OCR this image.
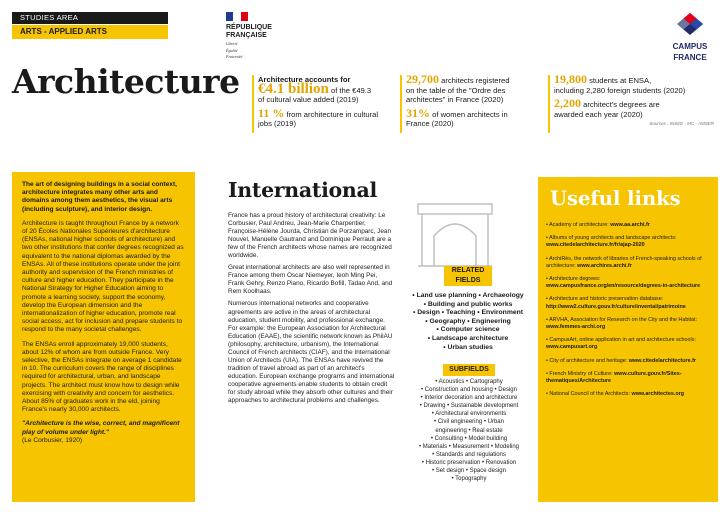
STUDIES AREA
ARTS - APPLIED ARTS	RÉPUBLIQUE
FRANÇAISE
Liberté
Égalité
Fraternité
CAMPUS
FRANCE
Architecture	Architecture accounts for
€4.1 billion of the €49.3
of cultural value added (2019)
11 % from architecture in cultural
jobs (2019)
29,700 architects registered
on the table of the "Ordre des
architectes" in France (2020)
31% of women architects in
France (2020)
19,800 students at ENSA,
including 2,280 foreign students (2020)
2,200 architect's degrees are
awarded each year (2020)
Sources : INSEE - MC - AMSER

The art of designing buildings in a social context, architecture integrates many other arts and domains among them aesthetics, the visual arts (including sculpture), and interior design.

Architecture is taught throughout France by a network of 20 Écoles Nationales Supérieures d'architecture (ENSAs, national higher schools of architecture) and two other institutions that confer degrees recognized as equivalent to the national diplomas awarded by the ENSAs. All of these institutions operate under the joint authority and supervision of the French ministries of culture and higher education. They participate in the National Strategy for Higher Education aiming to promote a learning society, support the economy, develop the European dimension and the internationalization of higher education, promote real social access, act for inclusion and prepare students to respond to the many societal challenges.

The ENSAs enroll approximately 19,000 students, about 12% of whom are from outside France. Very selective, the ENSAs integrate on average 1 candidate in 10. The curriculum covers the range of disciplines required for architectural, urban, and landscape projects. The architect must know how to design while exercising with creativity and concern for aesthetics. About 85% of graduates work in the eld, joining France's nearly 30,000 architects.

"Architecture is the wise, correct, and magnificent play of volume under light."

(Le Corbusier, 1920)

International

France has a proud history of architectural creativity: Le Corbusier, Paul Andreu, Jean-Marie Charpentier, Françoise-Hélène Jourda, Christian de Porzamparc, Jean Nouvel, Manuelle Gautrand and Dominique Perrault are a few of the French architects whose names are recognized worldwide.

Great international architects are also well represented in France among them Oscar Niemeyer, Ieoh Ming Pei, Frank Gehry, Renzo Piano, Ricardo Bofill, Tadao And, and Rem Koolhaas.

Numerous international networks and cooperative agreements are active in the areas of architectural education, student mobility, and professional exchange. For example: the European Association for Architectural Education (EAAE), the scientific network known as PhilAU (philosophy, architecture, urbanism), the International Council of French architects (CIAF), and the International Union of Architects (UIA). The ENSAs have revived the tradition of travel abroad as part of an architect's education. European exchange programs and international cooperative agreements enable students to obtain credit for study abroad while they absorb other cultures and their approaches to architectural problems and challenges.

RELATED
FIELDS
• Land use planning • Archaeology
• Building and public works
• Design • Teaching • Environment
• Geography • Engineering
• Computer science
• Landscape architecture
• Urban studies
SUBFIELDS
• Acoustics • Cartography
• Construction and housing • Design
• Interior decoration and architecture
• Drawing • Sustainable development
• Architectural environments
• Civil engineering • Urban
engineering • Real estate
• Consulting • Model building
• Materials • Measurement • Modeling
• Standards and regulations
• Historic preservation • Renovation
• Set design • Space design
• Topography
Useful links
• Academy of architecture: www.aa.archi.fr
• Albums of young architects and landscape architects: www.citedelarchitecture.fr/fr/ajap-2020
• ArchiRès, the network of libraries of French-speaking schools of architecture: www.archires.archi.fr
• Architecture degrees: www.campusfrance.org/en/resource/degrees-in-architecture
• Architecture and historic preservation database: http://www2.culture.gouv.fr/culture/inventai/patrimoine
• ARVHA, Association for Research on the City and the Habitat: www.femmes-archi.org
• CampusArt, online application in art and architecture schools: www.campusart.org
• City of architecture and heritage: www.citedelarchitecture.fr
• French Ministry of Culture: www.culture.gouv.fr/Sites-thematiques/Architecture
• National Council of the Architects: www.architectes.org
